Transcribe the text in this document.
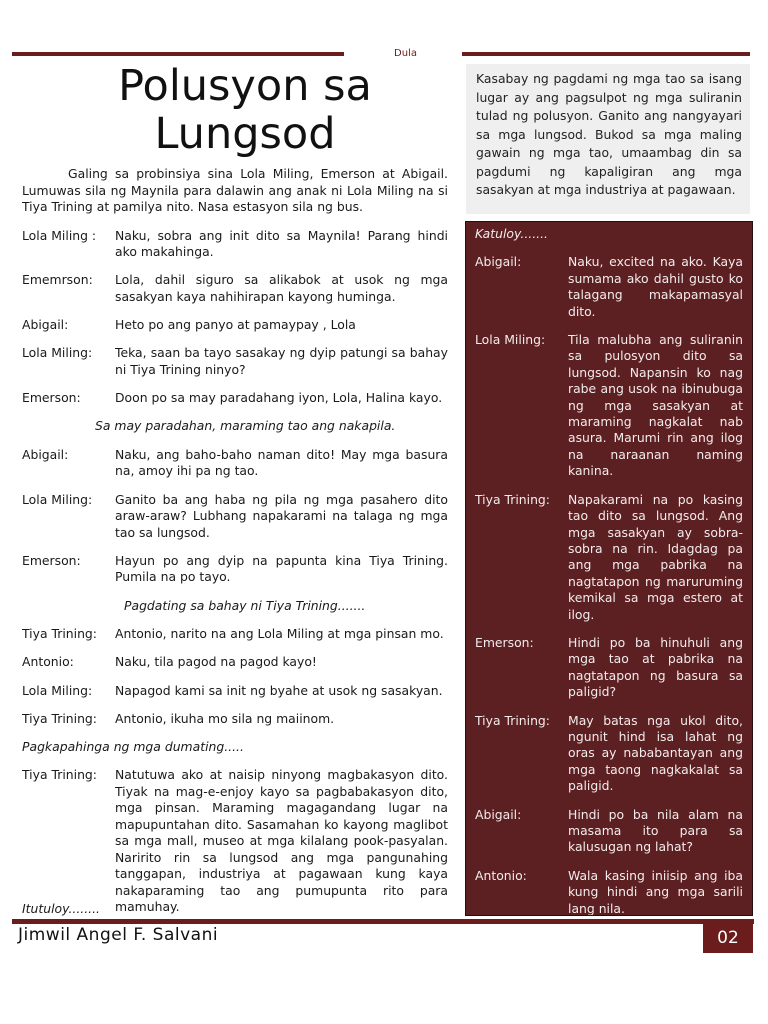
Dula
Polusyon sa
Lungsod

Galing sa probinsiya sina Lola Miling, Emerson at Abigail. Lumuwas sila ng Maynila para dalawin ang anak ni Lola Miling na si Tiya Trining at pamilya nito. Nasa estasyon sila ng bus.

Lola Miling :	Naku, sobra ang init dito sa Maynila! Parang hindi ako makahinga.
Ememrson:	Lola, dahil siguro sa alikabok at usok ng mga sasakyan kaya nahihirapan kayong huminga.
Abigail:	Heto po ang panyo at pamaypay , Lola
Lola Miling:	Teka, saan ba tayo sasakay ng dyip patungi sa bahay ni Tiya Trining ninyo?
Emerson:	Doon po sa may paradahang iyon, Lola, Halina kayo.

Sa may paradahan, maraming tao ang nakapila.

Abigail:	Naku, ang baho-baho naman dito! May mga basura na, amoy ihi pa ng tao.
Lola Miling:	Ganito ba ang haba ng pila ng mga pasahero dito araw-araw? Lubhang napakarami na talaga ng mga tao sa lungsod.
Emerson:	Hayun po ang dyip na papunta kina Tiya Trining. Pumila na po tayo.

Pagdating sa bahay ni Tiya Trining.......

Tiya Trining:	Antonio, narito na ang Lola Miling at mga pinsan mo.
Antonio:	Naku, tila pagod na pagod kayo!
Lola Miling:	Napagod kami sa init ng byahe at usok ng sasakyan.
Tiya Trining:	Antonio, ikuha mo sila ng maiinom.

Pagkapahinga ng mga dumating.....

Tiya Trining:	Natutuwa ako at naisip ninyong magbakasyon dito. Tiyak na mag-e-enjoy kayo sa pagbabakasyon dito, mga pinsan. Maraming magagandang lugar na mapupuntahan dito. Sasamahan ko kayong maglibot sa mga mall, museo at mga kilalang pook-pasyalan. Naririto rin sa lungsod ang mga pangunahing tanggapan, industriya at pagawaan kung kaya nakaparaming tao ang pumupunta rito para mamuhay.

Itutuloy........

Kasabay ng pagdami ng mga tao sa isang lugar ay ang pagsulpot ng mga suliranin tulad ng polusyon. Ganito ang nangyayari sa mga lungsod. Bukod sa mga maling gawain ng mga tao, umaambag din sa pagdumi ng kapaligiran ang mga sasakyan at mga industriya at pagawaan.

Katuloy.......

Abigail:	Naku, excited na ako. Kaya sumama ako dahil gusto ko talagang makapamasyal dito.
Lola Miling:	Tila malubha ang suliranin sa pulosyon dito sa lungsod. Napansin ko nag rabe ang usok na ibinubuga ng mga sasakyan at maraming nagkalat nab asura. Marumi rin ang ilog na naraanan naming kanina.
Tiya Trining:	Napakarami na po kasing tao dito sa lungsod. Ang mga sasakyan ay sobra-sobra na rin. Idagdag pa ang mga pabrika na nagtatapon ng maruruming kemikal sa mga estero at ilog.
Emerson:	Hindi po ba hinuhuli ang mga tao at pabrika na nagtatapon ng basura sa paligid?
Tiya Trining:	May batas nga ukol dito, ngunit hind isa lahat ng oras ay nababantayan ang mga taong nagkakalat sa paligid.
Abigail:	Hindi po ba nila alam na masama ito para sa kalusugan ng lahat?
Antonio:	Wala kasing iniisip ang iba kung hindi ang mga sarili lang nila.
Jimwil Angel F. Salvani	02
